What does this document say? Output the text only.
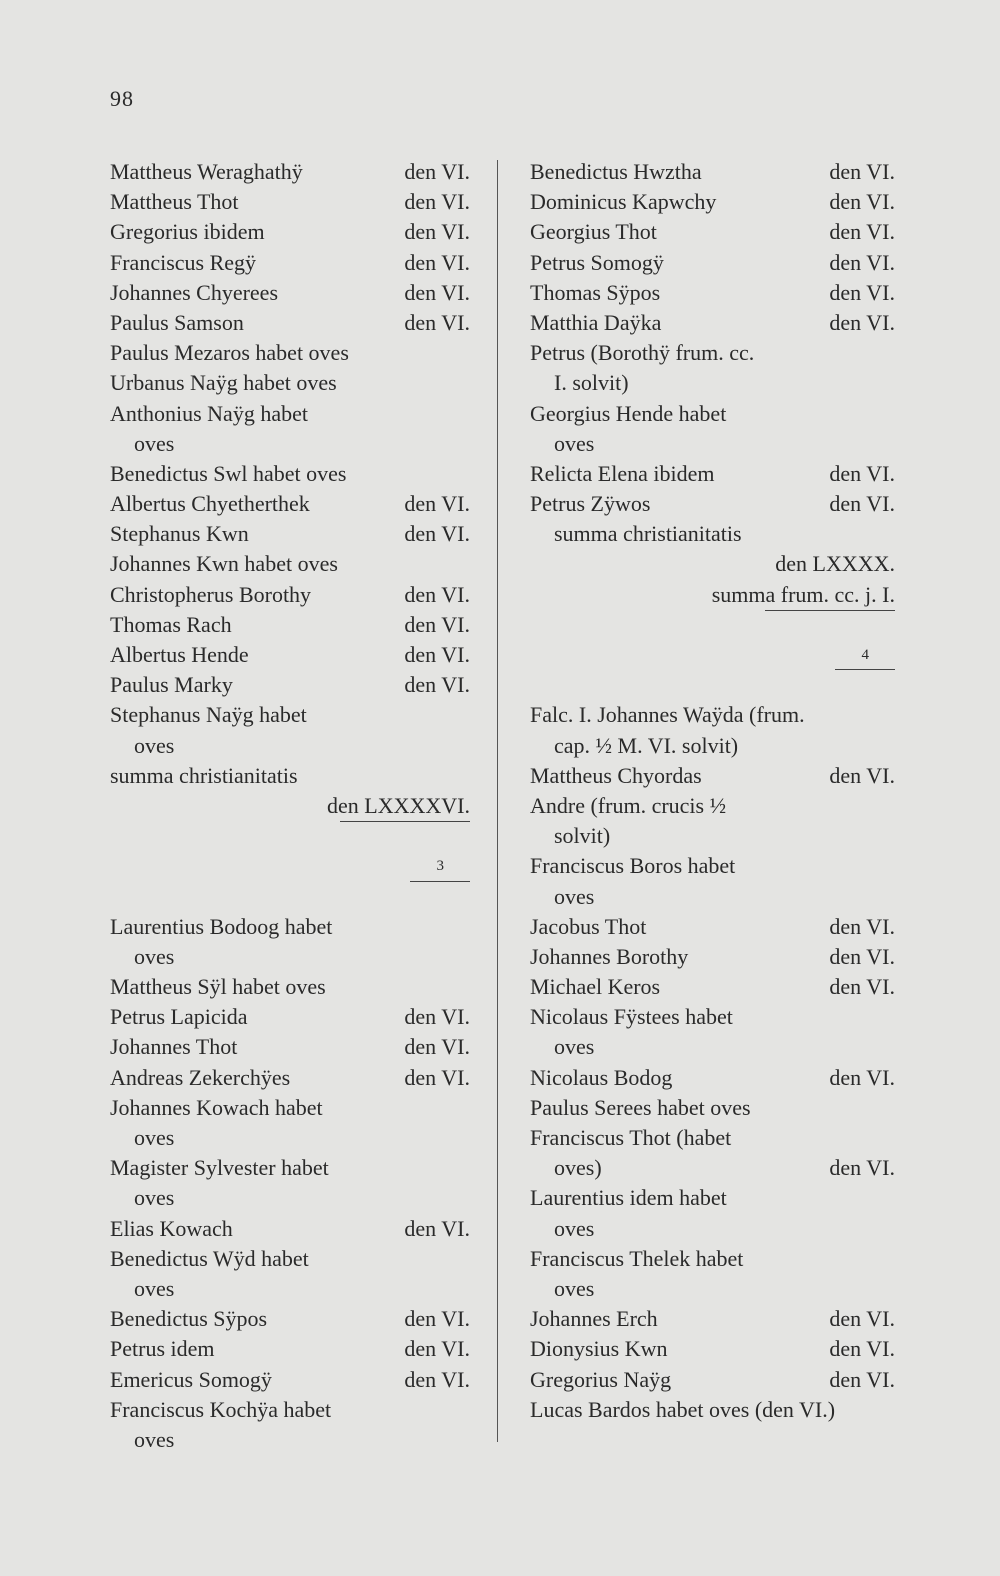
98
Mattheus Weraghathÿ	den VI.
Mattheus Thot	den VI.
Gregorius ibidem	den VI.
Franciscus Regÿ	den VI.
Johannes Chyerees	den VI.
Paulus Samson	den VI.
Paulus Mezaros habet oves
Urbanus Naÿg habet oves
Anthonius Naÿg habet
oves
Benedictus Swl habet oves
Albertus Chyetherthek	den VI.
Stephanus Kwn	den VI.
Johannes Kwn habet oves
Christopherus Borothy	den VI.
Thomas Rach	den VI.
Albertus Hende	den VI.
Paulus Marky	den VI.
Stephanus Naÿg habet
oves
summa christianitatis
den LXXXXVI.
3
Laurentius Bodoog habet
oves
Mattheus Sÿl habet oves
Petrus Lapicida	den VI.
Johannes Thot	den VI.
Andreas Zekerchÿes	den VI.
Johannes Kowach habet
oves
Magister Sylvester habet
oves
Elias Kowach	den VI.
Benedictus Wÿd habet
oves
Benedictus Sÿpos	den VI.
Petrus idem	den VI.
Emericus Somogÿ	den VI.
Franciscus Kochÿa habet
oves
Benedictus Hwztha	den VI.
Dominicus Kapwchy	den VI.
Georgius Thot	den VI.
Petrus Somogÿ	den VI.
Thomas Sÿpos	den VI.
Matthia Daÿka	den VI.
Petrus (Borothÿ frum. cc.
I. solvit)
Georgius Hende habet
oves
Relicta Elena ibidem	den VI.
Petrus Zÿwos	den VI.
summa christianitatis
den LXXXX.
summa frum. cc. j. I.
4
Falc. I. Johannes Waÿda (frum.
cap. ½ M. VI. solvit)
Mattheus Chyordas	den VI.
Andre (frum. crucis ½
solvit)
Franciscus Boros habet
oves
Jacobus Thot	den VI.
Johannes Borothy	den VI.
Michael Keros	den VI.
Nicolaus Fÿstees habet
oves
Nicolaus Bodog	den VI.
Paulus Serees habet oves
Franciscus Thot (habet
oves)	den VI.
Laurentius idem habet
oves
Franciscus Thelek habet
oves
Johannes Erch	den VI.
Dionysius Kwn	den VI.
Gregorius Naÿg	den VI.
Lucas Bardos habet oves (den VI.)
